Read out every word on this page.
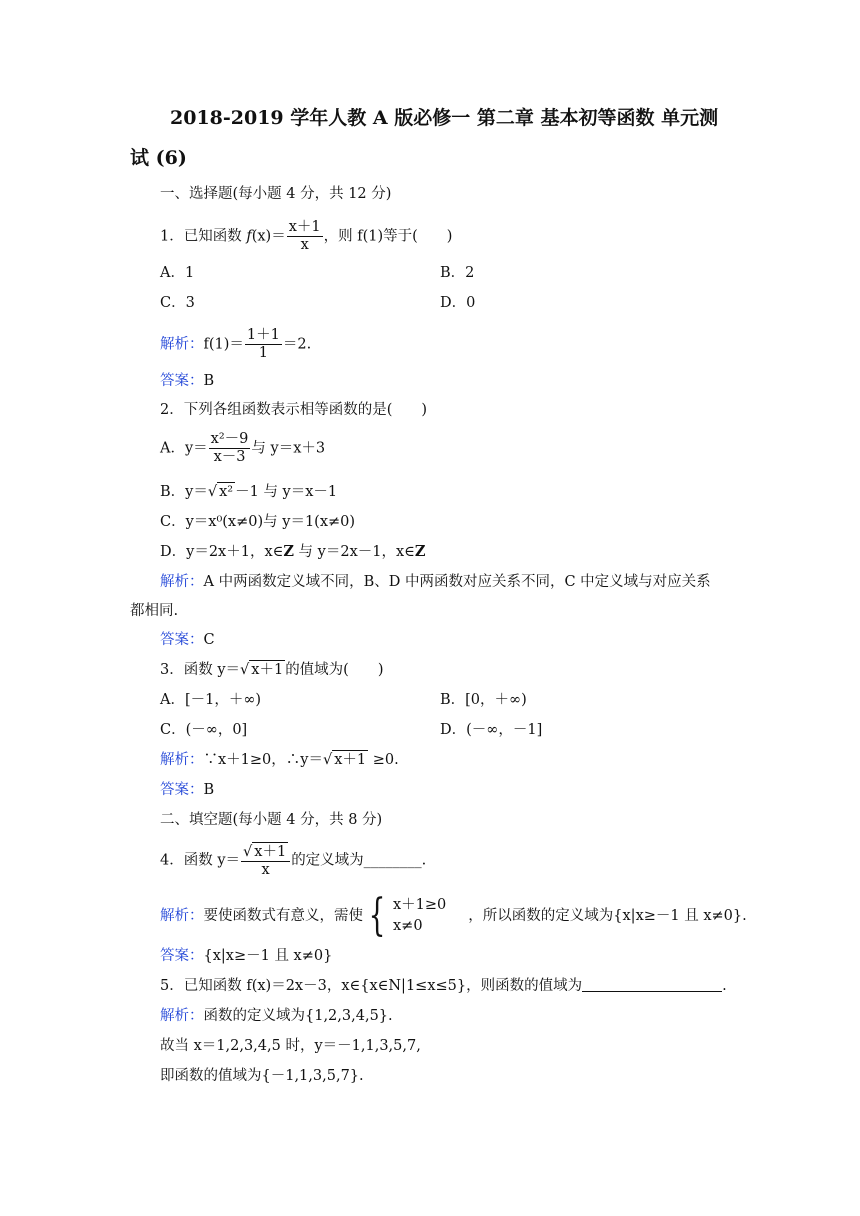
2018-2019 学年人教 A 版必修一 第二章 基本初等函数 单元测
试 (6)
一、选择题(每小题 4 分，共 12 分)
1．已知函数 $f(x)= \frac{x+1}{x}$ ，则 f(1)等于(　　)
A．1	B．2
C．3	D．0
解析：$f(1)= \frac{1+1}{1} =2$.
答案：B
2．下列各组函数表示相等函数的是(　　)
A．$y= \frac{\text{x²－9}}{x-3}$ 与 y＝x＋3
B．y＝√ x² －1 与 y＝x－1
C．y＝x⁰(x≠0)与 y＝1(x≠0)
D．y＝2x＋1，x∈Z 与 y＝2x－1，x∈Z
解析：A 中两函数定义域不同，B、D 中两函数对应关系不同，C 中定义域与对应关系
都相同.
答案：C
3．函数 y＝√ x＋1 的值域为(　　)
A．[－1，＋∞)	B．[0，＋∞)
C．(－∞，0]	D．(－∞，－1]
解析：∵x＋1≥0，∴y＝√ x＋1 ≥0.
答案：B
二、填空题(每小题 4 分，共 8 分)
4．函数 $y= \frac{√ x+1}{x}$ 的定义域为________.
解析：要使函数式有意义，需使 { x＋1≥0
x≠0
，所以函数的定义域为{x|x≥－1 且 x≠0}.
答案：{x|x≥－1 且 x≠0}
5．已知函数 f(x)＝2x－3，x∈{x∈N|1≤x≤5}，则函数的值域为	.
解析：函数的定义域为{1,2,3,4,5}.
故当 x＝1,2,3,4,5 时，y＝－1,1,3,5,7,
即函数的值域为{－1,1,3,5,7}.
